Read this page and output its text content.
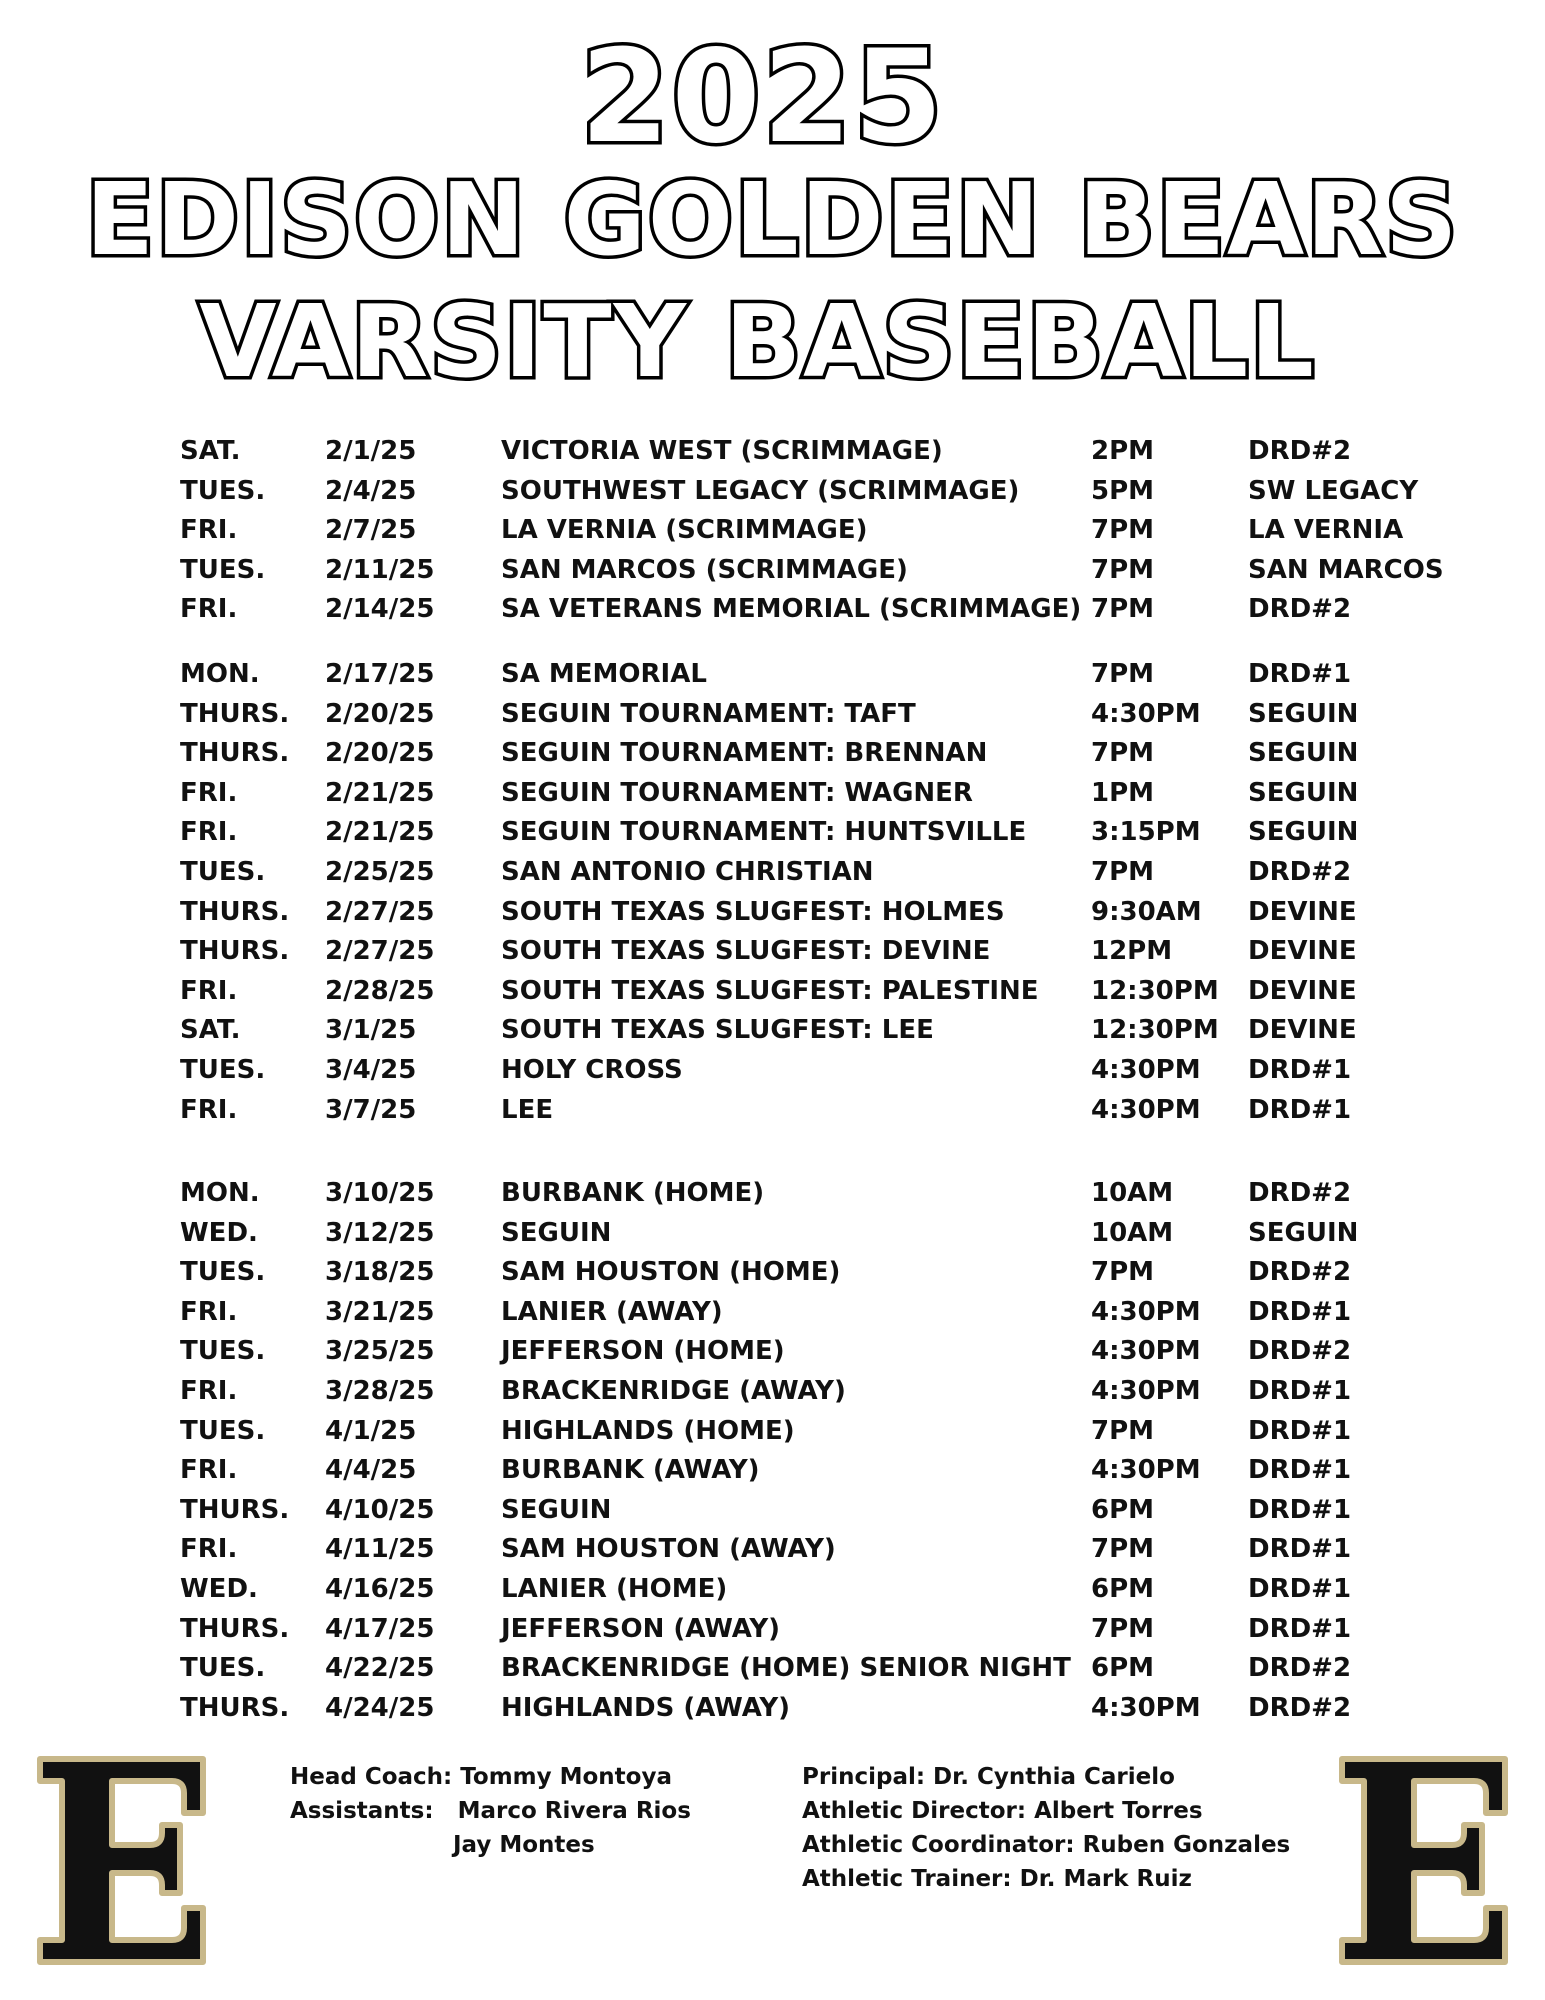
2025
EDISON GOLDEN BEARS
VARSITY BASEBALL
SAT.	2/1/25	VICTORIA WEST (SCRIMMAGE)	2PM	DRD#2
TUES. 2/4/25	SOUTHWEST LEGACY (SCRIMMAGE)	5PM	SW LEGACY
FRI.	2/7/25	LA VERNIA (SCRIMMAGE)	7PM	LA VERNIA
TUES. 2/11/25	SAN MARCOS (SCRIMMAGE)	7PM	SAN MARCOS
FRI.	2/14/25	SA VETERANS MEMORIAL (SCRIMMAGE) 7PM	DRD#2
MON.	2/17/25	SA MEMORIAL	7PM	DRD#1
THURS. 2/20/25	SEGUIN TOURNAMENT: TAFT	4:30PM SEGUIN
THURS. 2/20/25	SEGUIN TOURNAMENT: BRENNAN	7PM	SEGUIN
FRI.	2/21/25	SEGUIN TOURNAMENT: WAGNER	1PM	SEGUIN
FRI.	2/21/25	SEGUIN TOURNAMENT: HUNTSVILLE 3:15PM SEGUIN
TUES. 2/25/25	SAN ANTONIO CHRISTIAN	7PM	DRD#2
THURS. 2/27/25	SOUTH TEXAS SLUGFEST: HOLMES	9:30AM DEVINE
THURS. 2/27/25	SOUTH TEXAS SLUGFEST: DEVINE	12PM	DEVINE
FRI.	2/28/25	SOUTH TEXAS SLUGFEST: PALESTINE 12:30PM DEVINE
SAT.	3/1/25	SOUTH TEXAS SLUGFEST: LEE	12:30PM DEVINE
TUES. 3/4/25	HOLY CROSS	4:30PM DRD#1
FRI.	3/7/25	LEE	4:30PM DRD#1
MON.	3/10/25	BURBANK (HOME)	10AM	DRD#2
WED.	3/12/25	SEGUIN	10AM	SEGUIN
TUES. 3/18/25	SAM HOUSTON (HOME)	7PM	DRD#2
FRI.	3/21/25	LANIER (AWAY)	4:30PM DRD#1
TUES. 3/25/25	JEFFERSON (HOME)	4:30PM DRD#2
FRI.	3/28/25	BRACKENRIDGE (AWAY)	4:30PM DRD#1
TUES. 4/1/25	HIGHLANDS (HOME)	7PM	DRD#1
FRI.	4/4/25	BURBANK (AWAY)	4:30PM DRD#1
THURS. 4/10/25	SEGUIN	6PM	DRD#1
FRI.	4/11/25	SAM HOUSTON (AWAY)	7PM	DRD#1
WED.	4/16/25	LANIER (HOME)	6PM	DRD#1
THURS. 4/17/25	JEFFERSON (AWAY)	7PM	DRD#1
TUES. 4/22/25	BRACKENRIDGE (HOME) SENIOR NIGHT 6PM	DRD#2
THURS. 4/24/25	HIGHLANDS (AWAY)	4:30PM DRD#2
Head Coach: Tommy Montoya
Assistants: Marco Rivera Rios
Jay Montes
Principal: Dr. Cynthia Carielo
Athletic Director: Albert Torres
Athletic Coordinator: Ruben Gonzales
Athletic Trainer: Dr. Mark Ruiz
